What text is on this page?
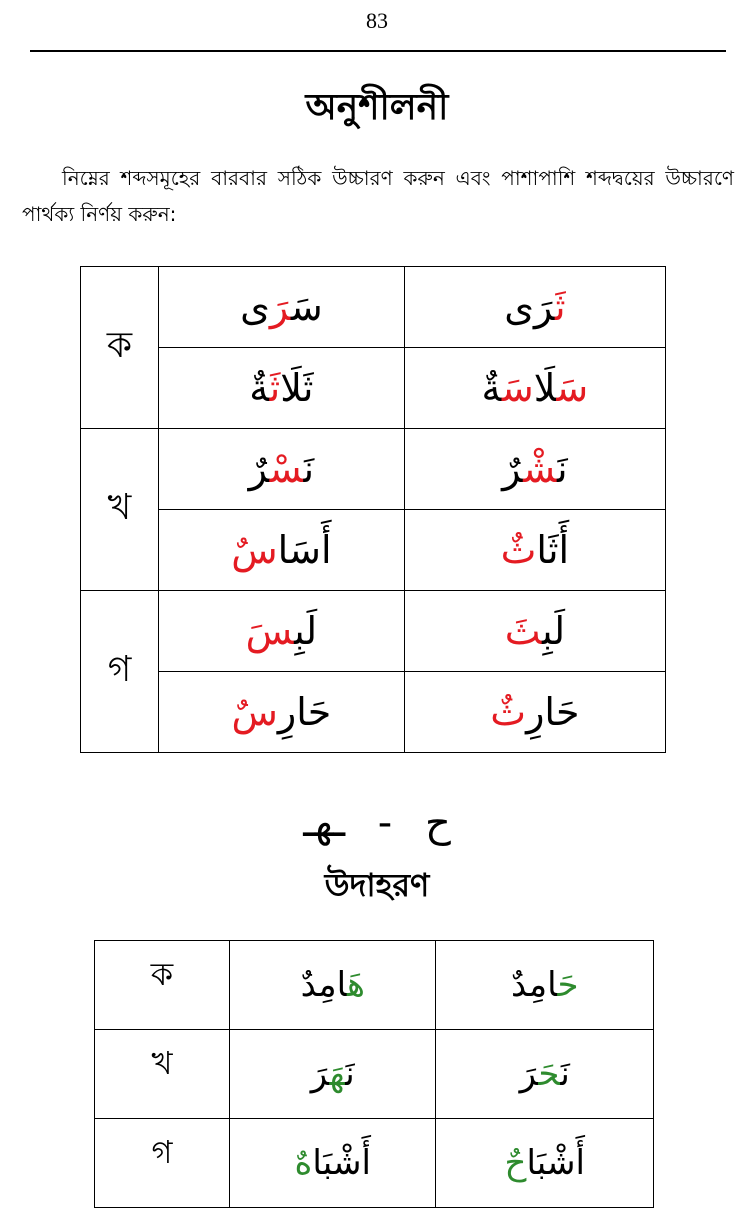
83
অনুশীলনী
নিম্নের শব্দসমূহের বারবার সঠিক উচ্চারণ করুন এবং পাশাপাশি শব্দদ্বয়ের উচ্চারণে পার্থক্য নির্ণয় করুন:
ক	سَرَى	ثَرَى
	ثَلَاثَةٌ	سَلَاسَةٌ
খ	نَسْرٌ	نَشْرٌ
	أَسَاسٌ	أَثَاثٌ
গ	لَبِسَ	لَبِثَ
	حَارِسٌ	حَارِثٌ
ـهـ - ح
উদাহরণ
ক	هَامِدٌ	حَامِدٌ
খ	نَهَرَ	نَحَرَ
গ	أَشْبَاهٌ	أَشْبَاحٌ
